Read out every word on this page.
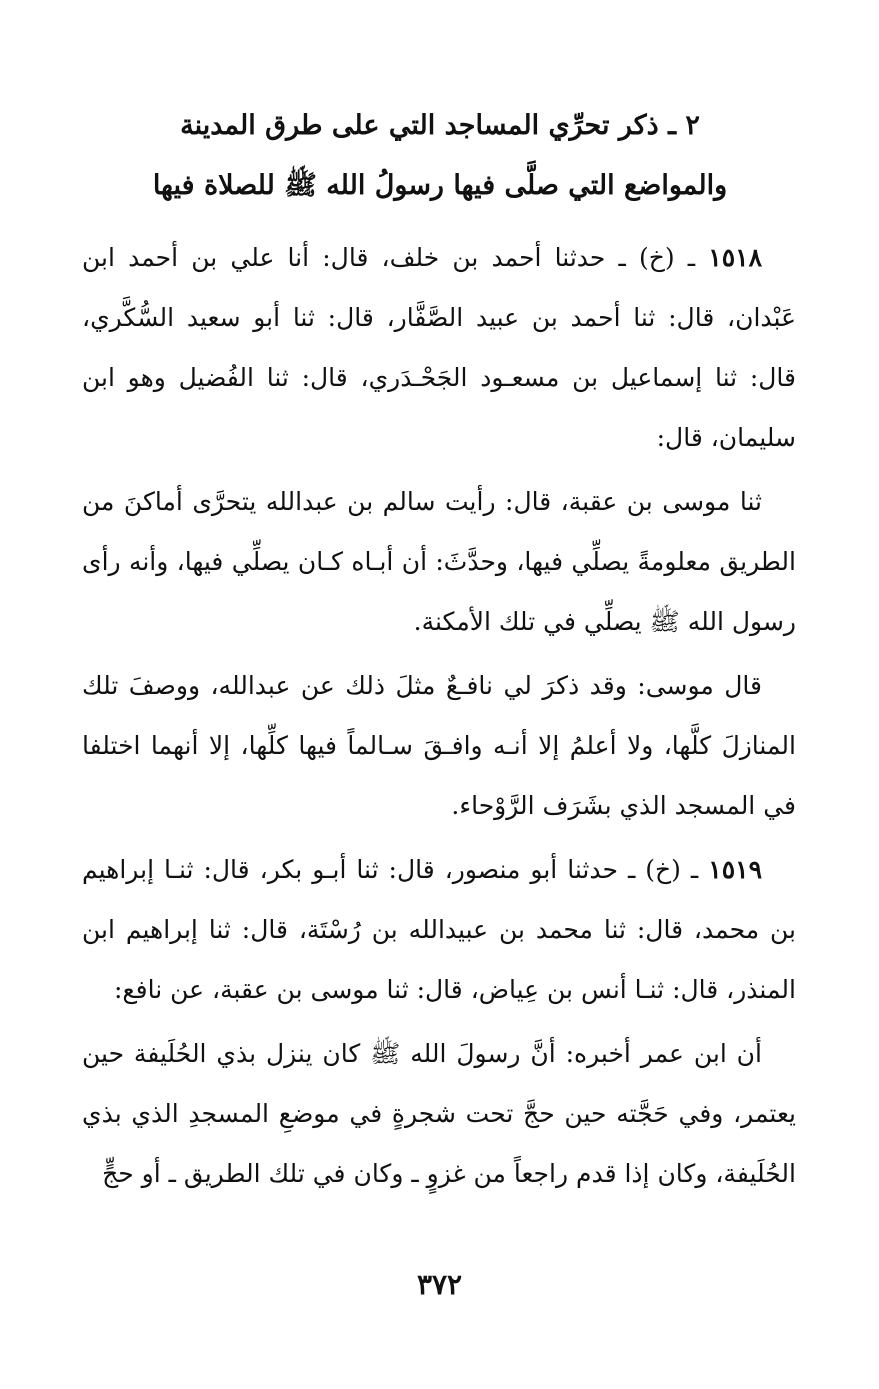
٢ ـ ذكر تحرِّي المساجد التي على طرق المدينة
والمواضع التي صلَّى فيها رسولُ الله ﷺ للصلاة فيها

١٥١٨ ـ (خ) ـ حدثنا أحمد بن خلف، قال: أنا علي بن أحمد ابن عَبْدان، قال: ثنا أحمد بن عبيد الصَّفَّار، قال: ثنا أبو سعيد السُّكَّري، قال: ثنا إسماعيل بن مسعـود الجَحْـدَري، قال: ثنا الفُضيل وهو ابن سليمان، قال:

ثنا موسى بن عقبة، قال: رأيت سالم بن عبدالله يتحرَّى أماكنَ من الطريق معلومةً يصلِّي فيها، وحدَّثَ: أن أبـاه كـان يصلِّي فيها، وأنه رأى رسول الله ﷺ يصلِّي في تلك الأمكنة.

قال موسى: وقد ذكرَ لي نافـعٌ مثلَ ذلك عن عبدالله، ووصفَ تلك المنازلَ كلَّها، ولا أعلمُ إلا أنـه وافـقَ سـالماً فيها كلِّها، إلا أنهما اختلفا في المسجد الذي بشَرَف الرَّوْحاء.

١٥١٩ ـ (خ) ـ حدثنا أبو منصور، قال: ثنا أبـو بكر، قال: ثنـا إبراهيم بن محمد، قال: ثنا محمد بن عبيدالله بن رُسْتَة، قال: ثنا إبراهيم ابن المنذر، قال: ثنـا أنس بن عِياض، قال: ثنا موسى بن عقبة، عن نافع:

أن ابن عمر أخبره: أنَّ رسولَ الله ﷺ كان ينزل بذي الحُلَيفة حين يعتمر، وفي حَجَّته حين حجَّ تحت شجرةٍ في موضعِ المسجدِ الذي بذي الحُلَيفة، وكان إذا قدم راجعاً من غزوٍ ـ وكان في تلك الطريق ـ أو حجٍّ

٣٧٢
